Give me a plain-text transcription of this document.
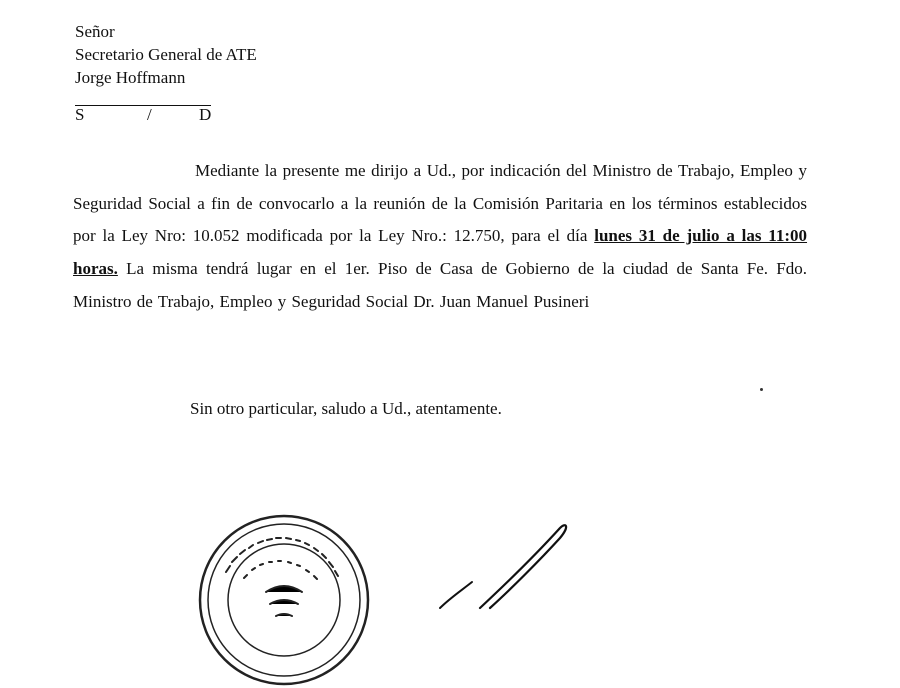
Señor
Secretario General de ATE
Jorge Hoffmann
S	/	D
Mediante la presente me dirijo a Ud., por indicación del Ministro de Trabajo, Empleo y Seguridad Social a fin de convocarlo a la reunión de la Comisión Paritaria en los términos establecidos por la Ley Nro: 10.052 modificada por la Ley Nro.: 12.750, para el día lunes 31 de julio a las 11:00 horas. La misma tendrá lugar en el 1er. Piso de Casa de Gobierno de la ciudad de Santa Fe. Fdo. Ministro de Trabajo, Empleo y Seguridad Social Dr. Juan Manuel Pusineri
Sin otro particular, saludo a Ud., atentamente.
